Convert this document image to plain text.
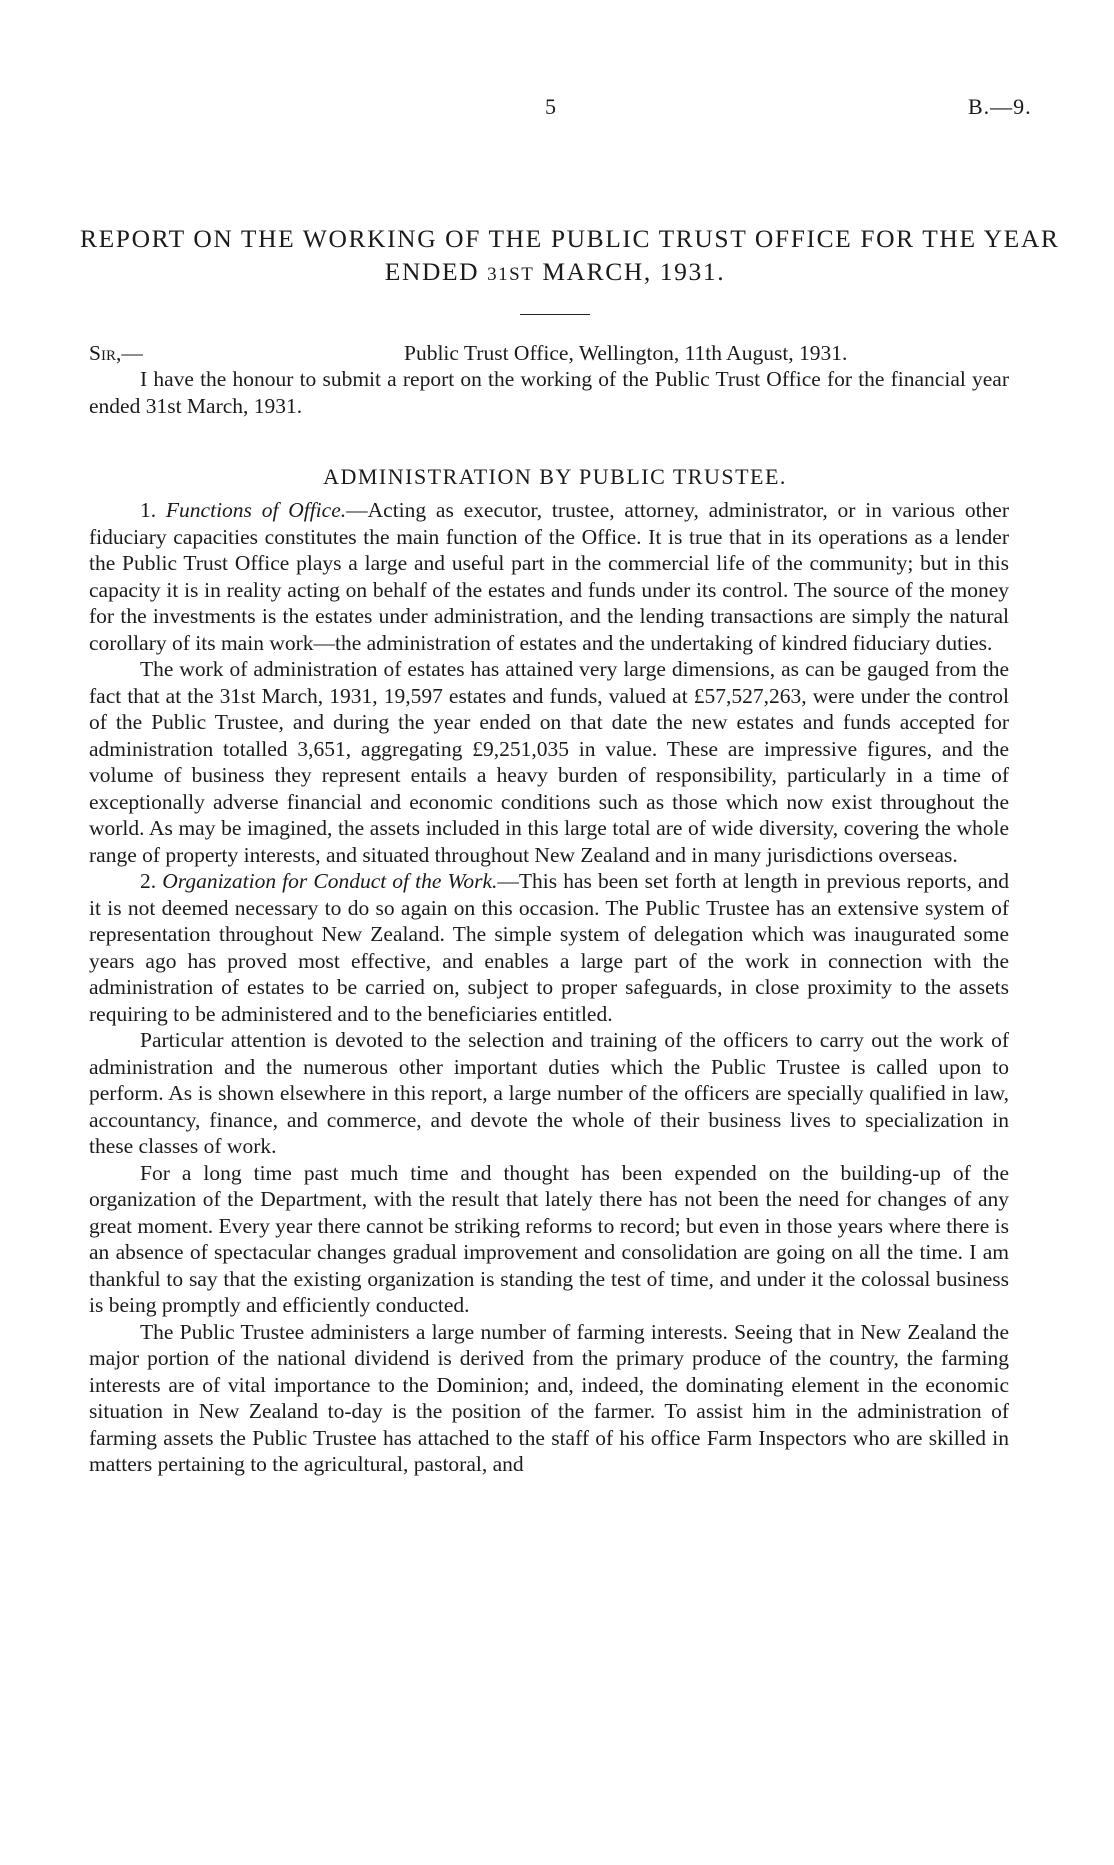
5	B.—9.
REPORT ON THE WORKING OF THE PUBLIC TRUST OFFICE FOR THE YEAR
ENDED 31ST MARCH, 1931.
Sir,—	Public Trust Office, Wellington, 11th August, 1931.

I have the honour to submit a report on the working of the Public Trust Office for the financial year ended 31st March, 1931.

ADMINISTRATION BY PUBLIC TRUSTEE.

1. Functions of Office.—Acting as executor, trustee, attorney, administrator, or in various other fiduciary capacities constitutes the main function of the Office. It is true that in its operations as a lender the Public Trust Office plays a large and useful part in the commercial life of the community; but in this capacity it is in reality acting on behalf of the estates and funds under its control. The source of the money for the investments is the estates under administration, and the lending transactions are simply the natural corollary of its main work—the administration of estates and the undertaking of kindred fiduciary duties.

The work of administration of estates has attained very large dimensions, as can be gauged from the fact that at the 31st March, 1931, 19,597 estates and funds, valued at £57,527,263, were under the control of the Public Trustee, and during the year ended on that date the new estates and funds accepted for administration totalled 3,651, aggregating £9,251,035 in value. These are impressive figures, and the volume of business they represent entails a heavy burden of responsibility, particularly in a time of exceptionally adverse financial and economic conditions such as those which now exist throughout the world. As may be imagined, the assets included in this large total are of wide diversity, covering the whole range of property interests, and situated throughout New Zealand and in many jurisdictions overseas.

2. Organization for Conduct of the Work.—This has been set forth at length in previous reports, and it is not deemed necessary to do so again on this occasion. The Public Trustee has an extensive system of representation throughout New Zealand. The simple system of delegation which was inaugurated some years ago has proved most effective, and enables a large part of the work in connection with the administration of estates to be carried on, subject to proper safeguards, in close proximity to the assets requiring to be administered and to the beneficiaries entitled.

Particular attention is devoted to the selection and training of the officers to carry out the work of administration and the numerous other important duties which the Public Trustee is called upon to perform. As is shown elsewhere in this report, a large number of the officers are specially qualified in law, accountancy, finance, and commerce, and devote the whole of their business lives to specialization in these classes of work.

For a long time past much time and thought has been expended on the building-up of the organization of the Department, with the result that lately there has not been the need for changes of any great moment. Every year there cannot be striking reforms to record; but even in those years where there is an absence of spectacular changes gradual improvement and consolidation are going on all the time. I am thankful to say that the existing organization is standing the test of time, and under it the colossal business is being promptly and efficiently conducted.

The Public Trustee administers a large number of farming interests. Seeing that in New Zealand the major portion of the national dividend is derived from the primary produce of the country, the farming interests are of vital importance to the Dominion; and, indeed, the dominating element in the economic situation in New Zealand to-day is the position of the farmer. To assist him in the administration of farming assets the Public Trustee has attached to the staff of his office Farm Inspectors who are skilled in matters pertaining to the agricultural, pastoral, and
